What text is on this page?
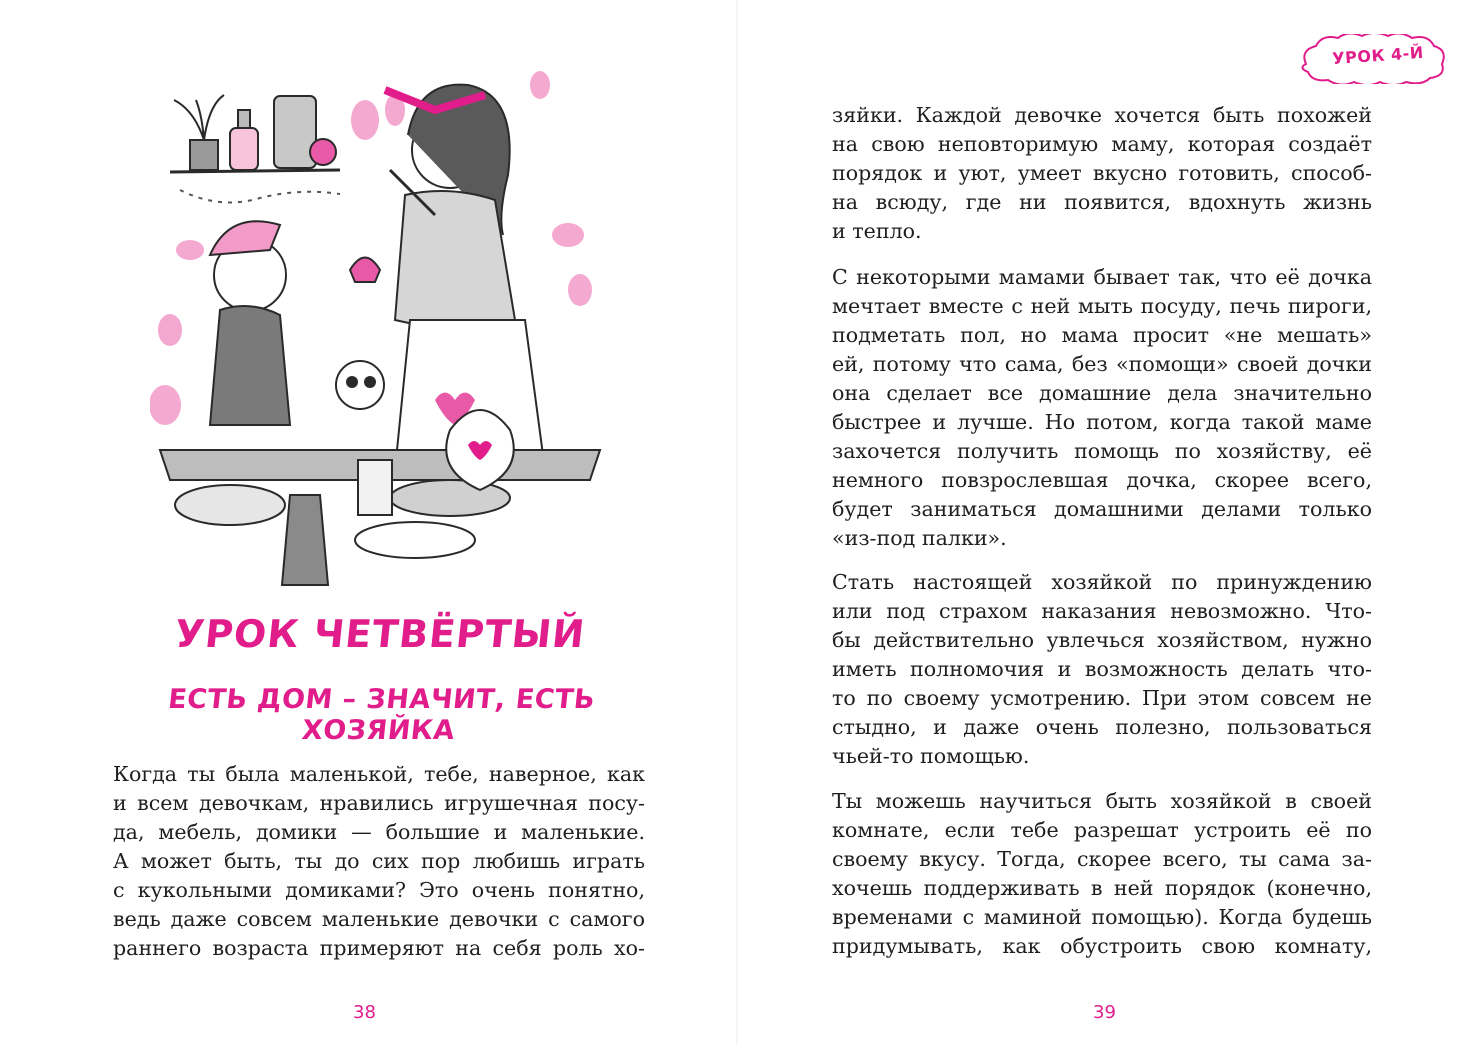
УРОК ЧЕТВЁРТЫЙ
ЕСТЬ ДОМ – ЗНАЧИТ, ЕСТЬ ХОЗЯЙКА

Когда ты была маленькой, тебе, наверное, как
и всем девочкам, нравились игрушечная посу-
да, мебель, домики — большие и маленькие.
А может быть, ты до сих пор любишь играть
с кукольными домиками? Это очень понятно,
ведь даже совсем маленькие девочки с самого
раннего возраста примеряют на себя роль хо-

38
УРОК 4-Й

зяйки. Каждой девочке хочется быть похожей
на свою неповторимую маму, которая создаёт
порядок и уют, умеет вкусно готовить, способ-
на всюду, где ни появится, вдохнуть жизнь
и тепло.

С некоторыми мамами бывает так, что её дочка
мечтает вместе с ней мыть посуду, печь пироги,
подметать пол, но мама просит «не мешать»
ей, потому что сама, без «помощи» своей дочки
она сделает все домашние дела значительно
быстрее и лучше. Но потом, когда такой маме
захочется получить помощь по хозяйству, её
немного повзрослевшая дочка, скорее всего,
будет заниматься домашними делами только
«из-под палки».

Стать настоящей хозяйкой по принуждению
или под страхом наказания невозможно. Что-
бы действительно увлечься хозяйством, нужно
иметь полномочия и возможность делать что-
то по своему усмотрению. При этом совсем не
стыдно, и даже очень полезно, пользоваться
чьей-то помощью.

Ты можешь научиться быть хозяйкой в своей
комнате, если тебе разрешат устроить её по
своему вкусу. Тогда, скорее всего, ты сама за-
хочешь поддерживать в ней порядок (конечно,
временами с маминой помощью). Когда будешь
придумывать, как обустроить свою комнату,

39
